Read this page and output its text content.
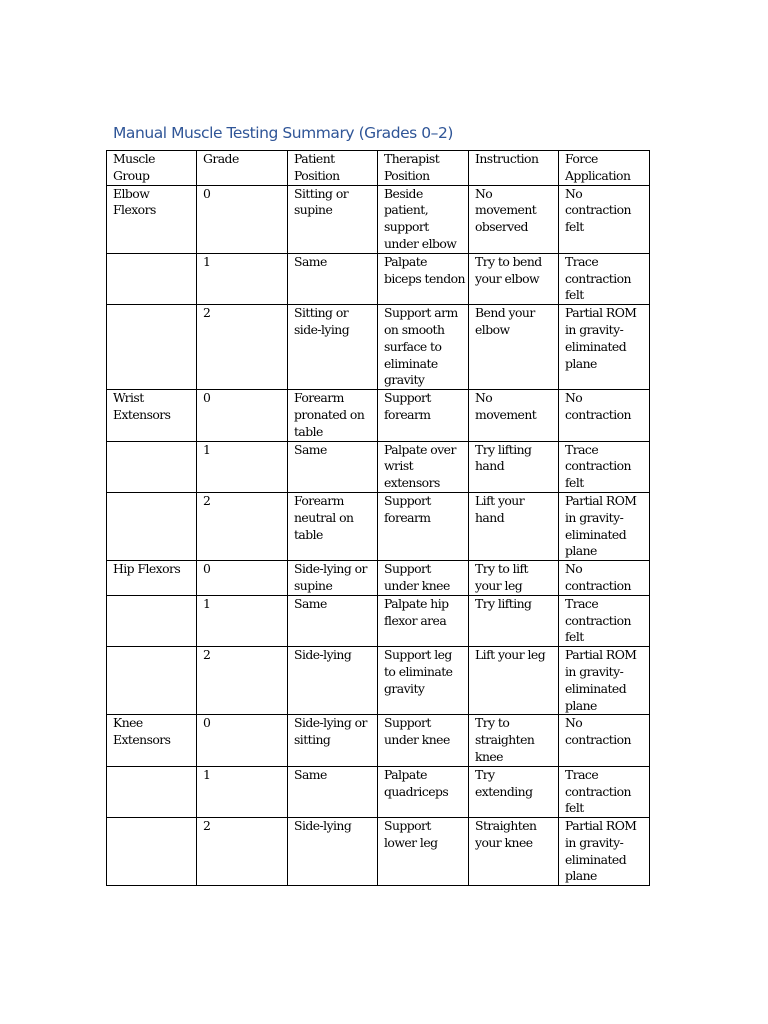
Manual Muscle Testing Summary (Grades 0–2)
Muscle Group	Grade	Patient Position	Therapist Position	Instruction	Force Application
Elbow Flexors	0	Sitting or supine	Beside patient, support under elbow	No movement observed	No contraction felt
	1	Same	Palpate biceps tendon	Try to bend your elbow	Trace contraction felt
	2	Sitting or side-lying	Support arm on smooth surface to eliminate gravity	Bend your elbow	Partial ROM in gravity-eliminated plane
Wrist Extensors	0	Forearm pronated on table	Support forearm	No movement	No contraction
	1	Same	Palpate over wrist extensors	Try lifting hand	Trace contraction felt
	2	Forearm neutral on table	Support forearm	Lift your hand	Partial ROM in gravity-eliminated plane
Hip Flexors	0	Side-lying or supine	Support under knee	Try to lift your leg	No contraction
	1	Same	Palpate hip flexor area	Try lifting	Trace contraction felt
	2	Side-lying	Support leg to eliminate gravity	Lift your leg	Partial ROM in gravity-eliminated plane
Knee Extensors	0	Side-lying or sitting	Support under knee	Try to straighten knee	No contraction
	1	Same	Palpate quadriceps	Try extending	Trace contraction felt
	2	Side-lying	Support lower leg	Straighten your knee	Partial ROM in gravity-eliminated plane
